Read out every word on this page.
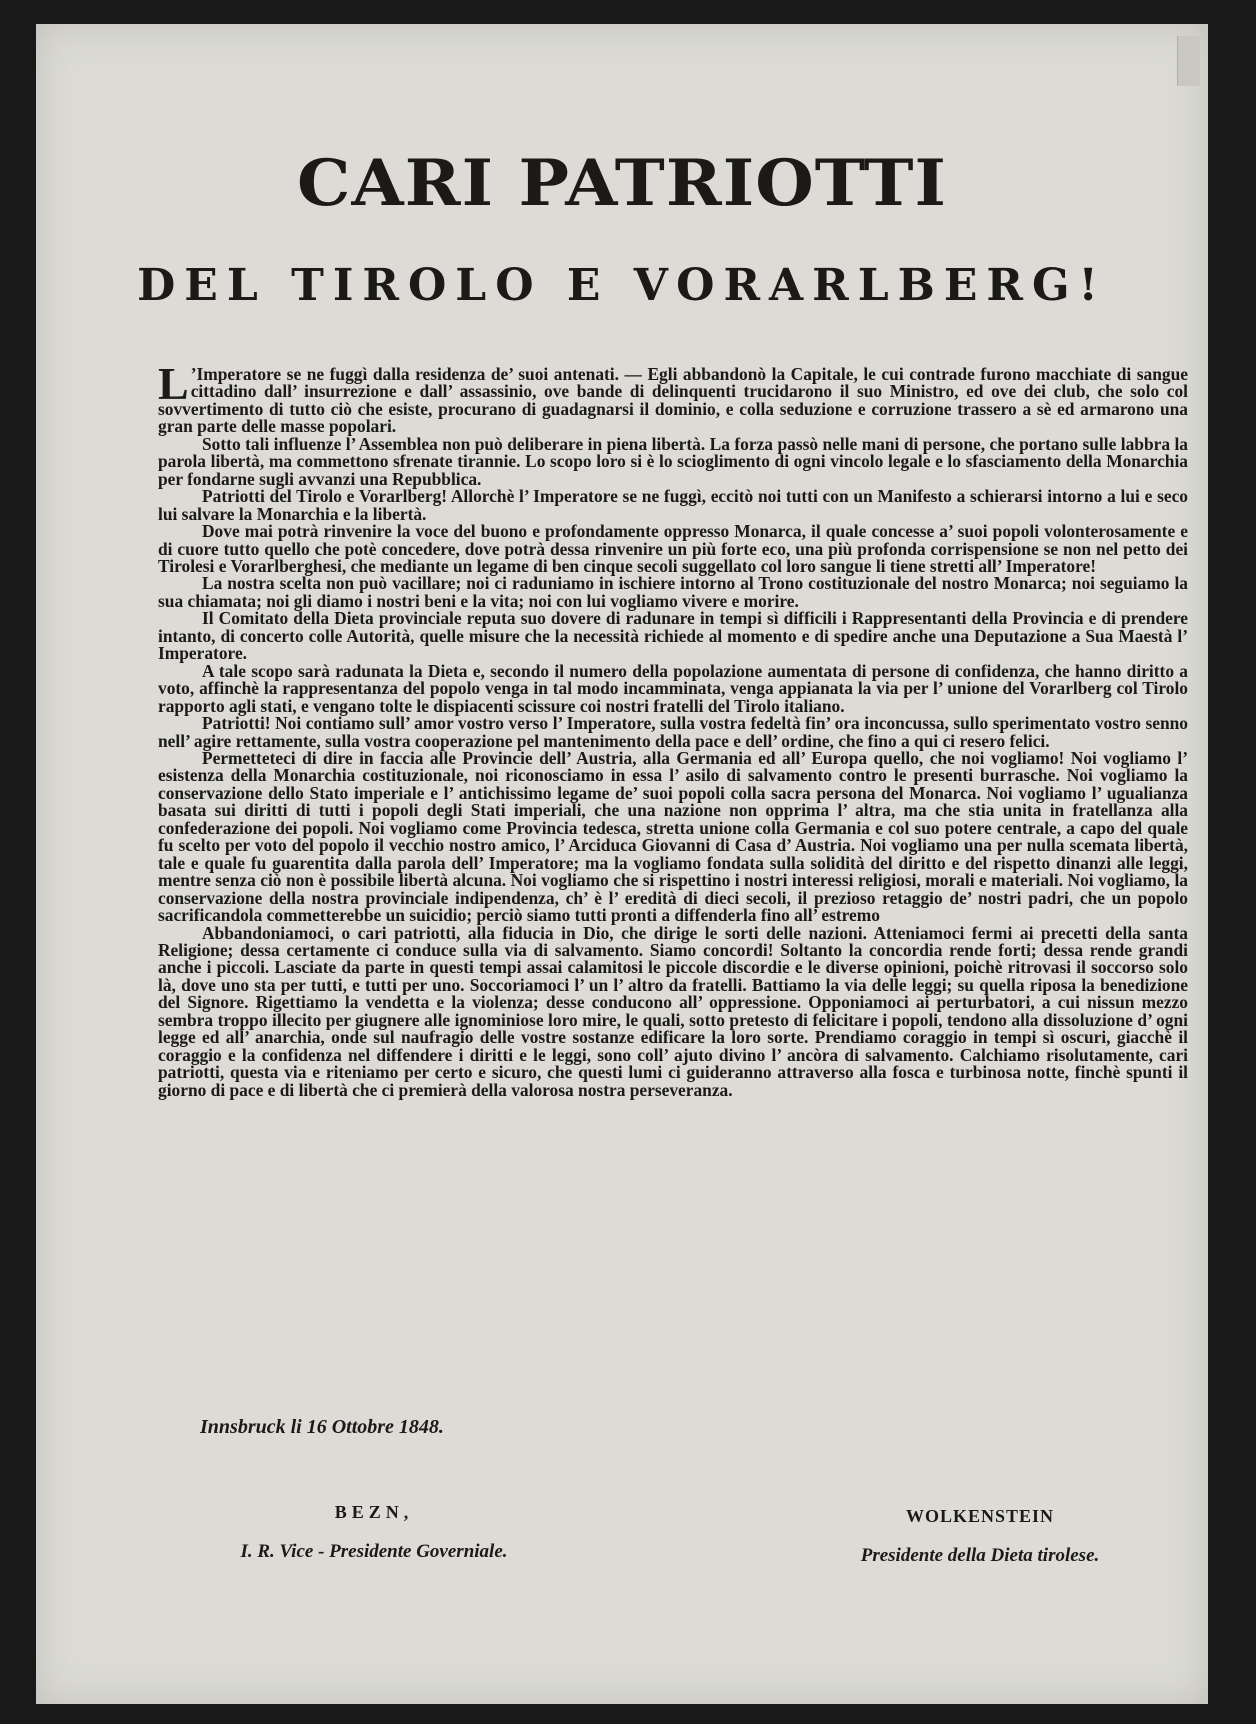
CARI PATRIOTTI
DEL TIROLO E VORARLBERG!

L ’Imperatore se ne fuggì dalla residenza de’ suoi antenati. — Egli abbandonò la Capitale, le cui contrade furono macchiate di sangue cittadino dall’ insurrezione e dall’ assassinio, ove bande di delinquenti trucidarono il suo Ministro, ed ove dei club, che solo col sovvertimento di tutto ciò che esiste, procurano di guadagnarsi il dominio, e colla seduzione e corruzione trassero a sè ed armarono una gran parte delle masse popolari.

Sotto tali influenze l’ Assemblea non può deliberare in piena libertà. La forza passò nelle mani di persone, che portano sulle labbra la parola libertà, ma commettono sfrenate tirannie. Lo scopo loro si è lo scioglimento di ogni vincolo legale e lo sfasciamento della Monarchia per fondarne sugli avvanzi una Repubblica.

Patriotti del Tirolo e Vorarlberg! Allorchè l’ Imperatore se ne fuggì, eccitò noi tutti con un Manifesto a schierarsi intorno a lui e seco lui salvare la Monarchia e la libertà.

Dove mai potrà rinvenire la voce del buono e profondamente oppresso Monarca, il quale concesse a’ suoi popoli volonterosamente e di cuore tutto quello che potè concedere, dove potrà dessa rinvenire un più forte eco, una più profonda corrispensione se non nel petto dei Tirolesi e Vorarlberghesi, che mediante un legame di ben cinque secoli suggellato col loro sangue li tiene stretti all’ Imperatore!

La nostra scelta non può vacillare; noi ci raduniamo in ischiere intorno al Trono costituzionale del nostro Monarca; noi seguiamo la sua chiamata; noi gli diamo i nostri beni e la vita; noi con lui vogliamo vivere e morire.

Il Comitato della Dieta provinciale reputa suo dovere di radunare in tempi sì difficili i Rappresentanti della Provincia e di prendere intanto, di concerto colle Autorità, quelle misure che la necessità richiede al momento e di spedire anche una Deputazione a Sua Maestà l’ Imperatore.

A tale scopo sarà radunata la Dieta e, secondo il numero della popolazione aumentata di persone di confidenza, che hanno diritto a voto, affinchè la rappresentanza del popolo venga in tal modo incamminata, venga appianata la via per l’ unione del Vorarlberg col Tirolo rapporto agli stati, e vengano tolte le dispiacenti scissure coi nostri fratelli del Tirolo italiano.

Patriotti! Noi contiamo sull’ amor vostro verso l’ Imperatore, sulla vostra fedeltà fin’ ora inconcussa, sullo sperimentato vostro senno nell’ agire rettamente, sulla vostra cooperazione pel mantenimento della pace e dell’ ordine, che fino a qui ci resero felici.

Permetteteci di dire in faccia alle Provincie dell’ Austria, alla Germania ed all’ Europa quello, che noi vogliamo! Noi vogliamo l’ esistenza della Monarchia costituzionale, noi riconosciamo in essa l’ asilo di salvamento contro le presenti burrasche. Noi vogliamo la conservazione dello Stato imperiale e l’ antichissimo legame de’ suoi popoli colla sacra persona del Monarca. Noi vogliamo l’ ugualianza basata sui diritti di tutti i popoli degli Stati imperiali, che una nazione non opprima l’ altra, ma che stia unita in fratellanza alla confederazione dei popoli. Noi vogliamo come Provincia tedesca, stretta unione colla Germania e col suo potere centrale, a capo del quale fu scelto per voto del popolo il vecchio nostro amico, l’ Arciduca Giovanni di Casa d’ Austria. Noi vogliamo una per nulla scemata libertà, tale e quale fu guarentita dalla parola dell’ Imperatore; ma la vogliamo fondata sulla solidità del diritto e del rispetto dinanzi alle leggi, mentre senza ciò non è possibile libertà alcuna. Noi vogliamo che si rispettino i nostri interessi religiosi, morali e materiali. Noi vogliamo, la conservazione della nostra provinciale indipendenza, ch’ è l’ eredità di dieci secoli, il prezioso retaggio de’ nostri padri, che un popolo sacrificandola commetterebbe un suicidio; perciò siamo tutti pronti a diffenderla fino all’ estremo

Abbandoniamoci, o cari patriotti, alla fiducia in Dio, che dirige le sorti delle nazioni. Atteniamoci fermi ai precetti della santa Religione; dessa certamente ci conduce sulla via di salvamento. Siamo concordi! Soltanto la concordia rende forti; dessa rende grandi anche i piccoli. Lasciate da parte in questi tempi assai calamitosi le piccole discordie e le diverse opinioni, poichè ritrovasi il soccorso solo là, dove uno sta per tutti, e tutti per uno. Soccoriamoci l’ un l’ altro da fratelli. Battiamo la via delle leggi; su quella riposa la benedizione del Signore. Rigettiamo la vendetta e la violenza; desse conducono all’ oppressione. Opponiamoci ai perturbatori, a cui nissun mezzo sembra troppo illecito per giugnere alle ignominiose loro mire, le quali, sotto pretesto di felicitare i popoli, tendono alla dissoluzione d’ ogni legge ed all’ anarchia, onde sul naufragio delle vostre sostanze edificare la loro sorte. Prendiamo coraggio in tempi sì oscuri, giacchè il coraggio e la confidenza nel diffendere i diritti e le leggi, sono coll’ ajuto divino l’ ancòra di salvamento. Calchiamo risolutamente, cari patriotti, questa via e riteniamo per certo e sicuro, che questi lumi ci guideranno attraverso alla fosca e turbinosa notte, finchè spunti il giorno di pace e di libertà che ci premierà della valorosa nostra perseveranza.

Innsbruck li 16 Ottobre 1848.
BEZN,
I. R. Vice - Presidente Governiale.
WOLKENSTEIN
Presidente della Dieta tirolese.
